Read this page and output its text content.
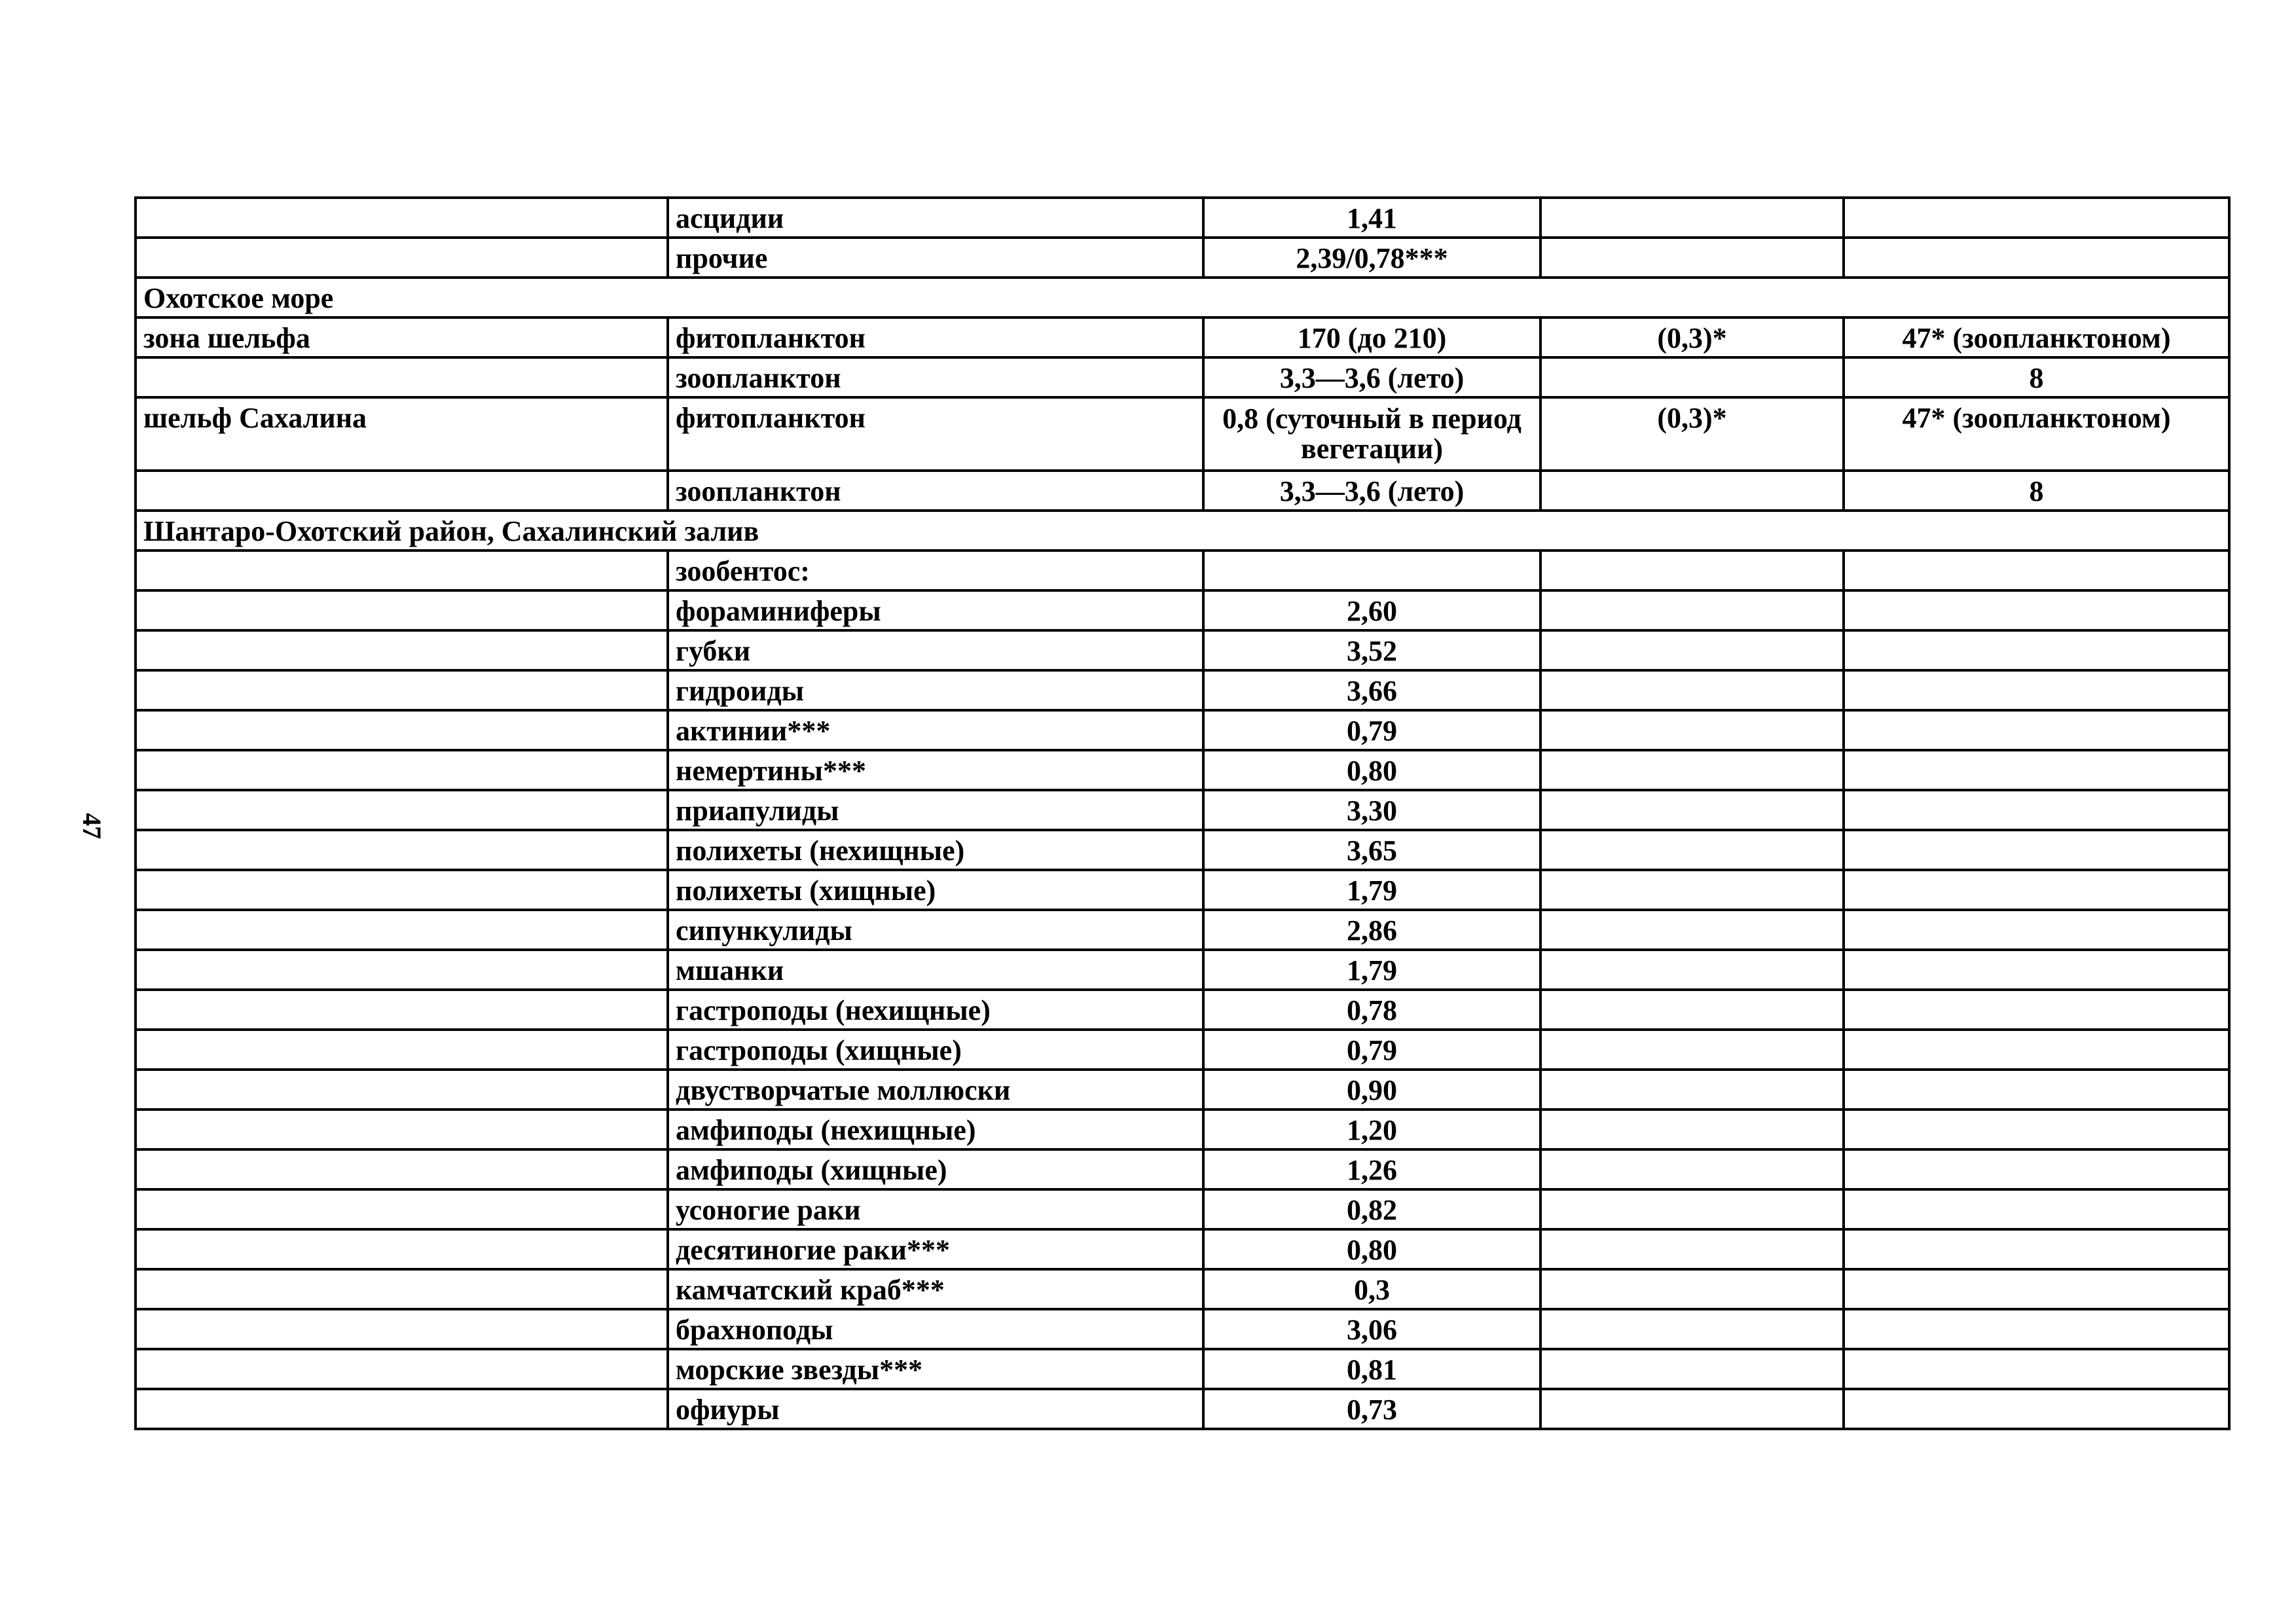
47
	асцидии	1,41		
	прочие	2,39/0,78***		
Охотское море				
зона шельфа	фитопланктон	170 (до 210)	(0,3)*	47* (зоопланктоном)
	зоопланктон	3,3—3,6 (лето)		8
шельф Сахалина	фитопланктон	0,8 (суточный в период вегетации)	(0,3)*	47* (зоопланктоном)
	зоопланктон	3,3—3,6 (лето)		8
Шантаро-Охотский район, Сахалинский залив				
	зообентос:			
	фораминиферы	2,60		
	губки	3,52		
	гидроиды	3,66		
	актинии***	0,79		
	немертины***	0,80		
	приапулиды	3,30		
	полихеты (нехищные)	3,65		
	полихеты (хищные)	1,79		
	сипункулиды	2,86		
	мшанки	1,79		
	гастроподы (нехищные)	0,78		
	гастроподы (хищные)	0,79		
	двустворчатые моллюски	0,90		
	амфиподы (нехищные)	1,20		
	амфиподы (хищные)	1,26		
	усоногие раки	0,82		
	десятиногие раки***	0,80		
	камчатский краб***	0,3		
	брахноподы	3,06		
	морские звезды***	0,81		
	офиуры	0,73		
